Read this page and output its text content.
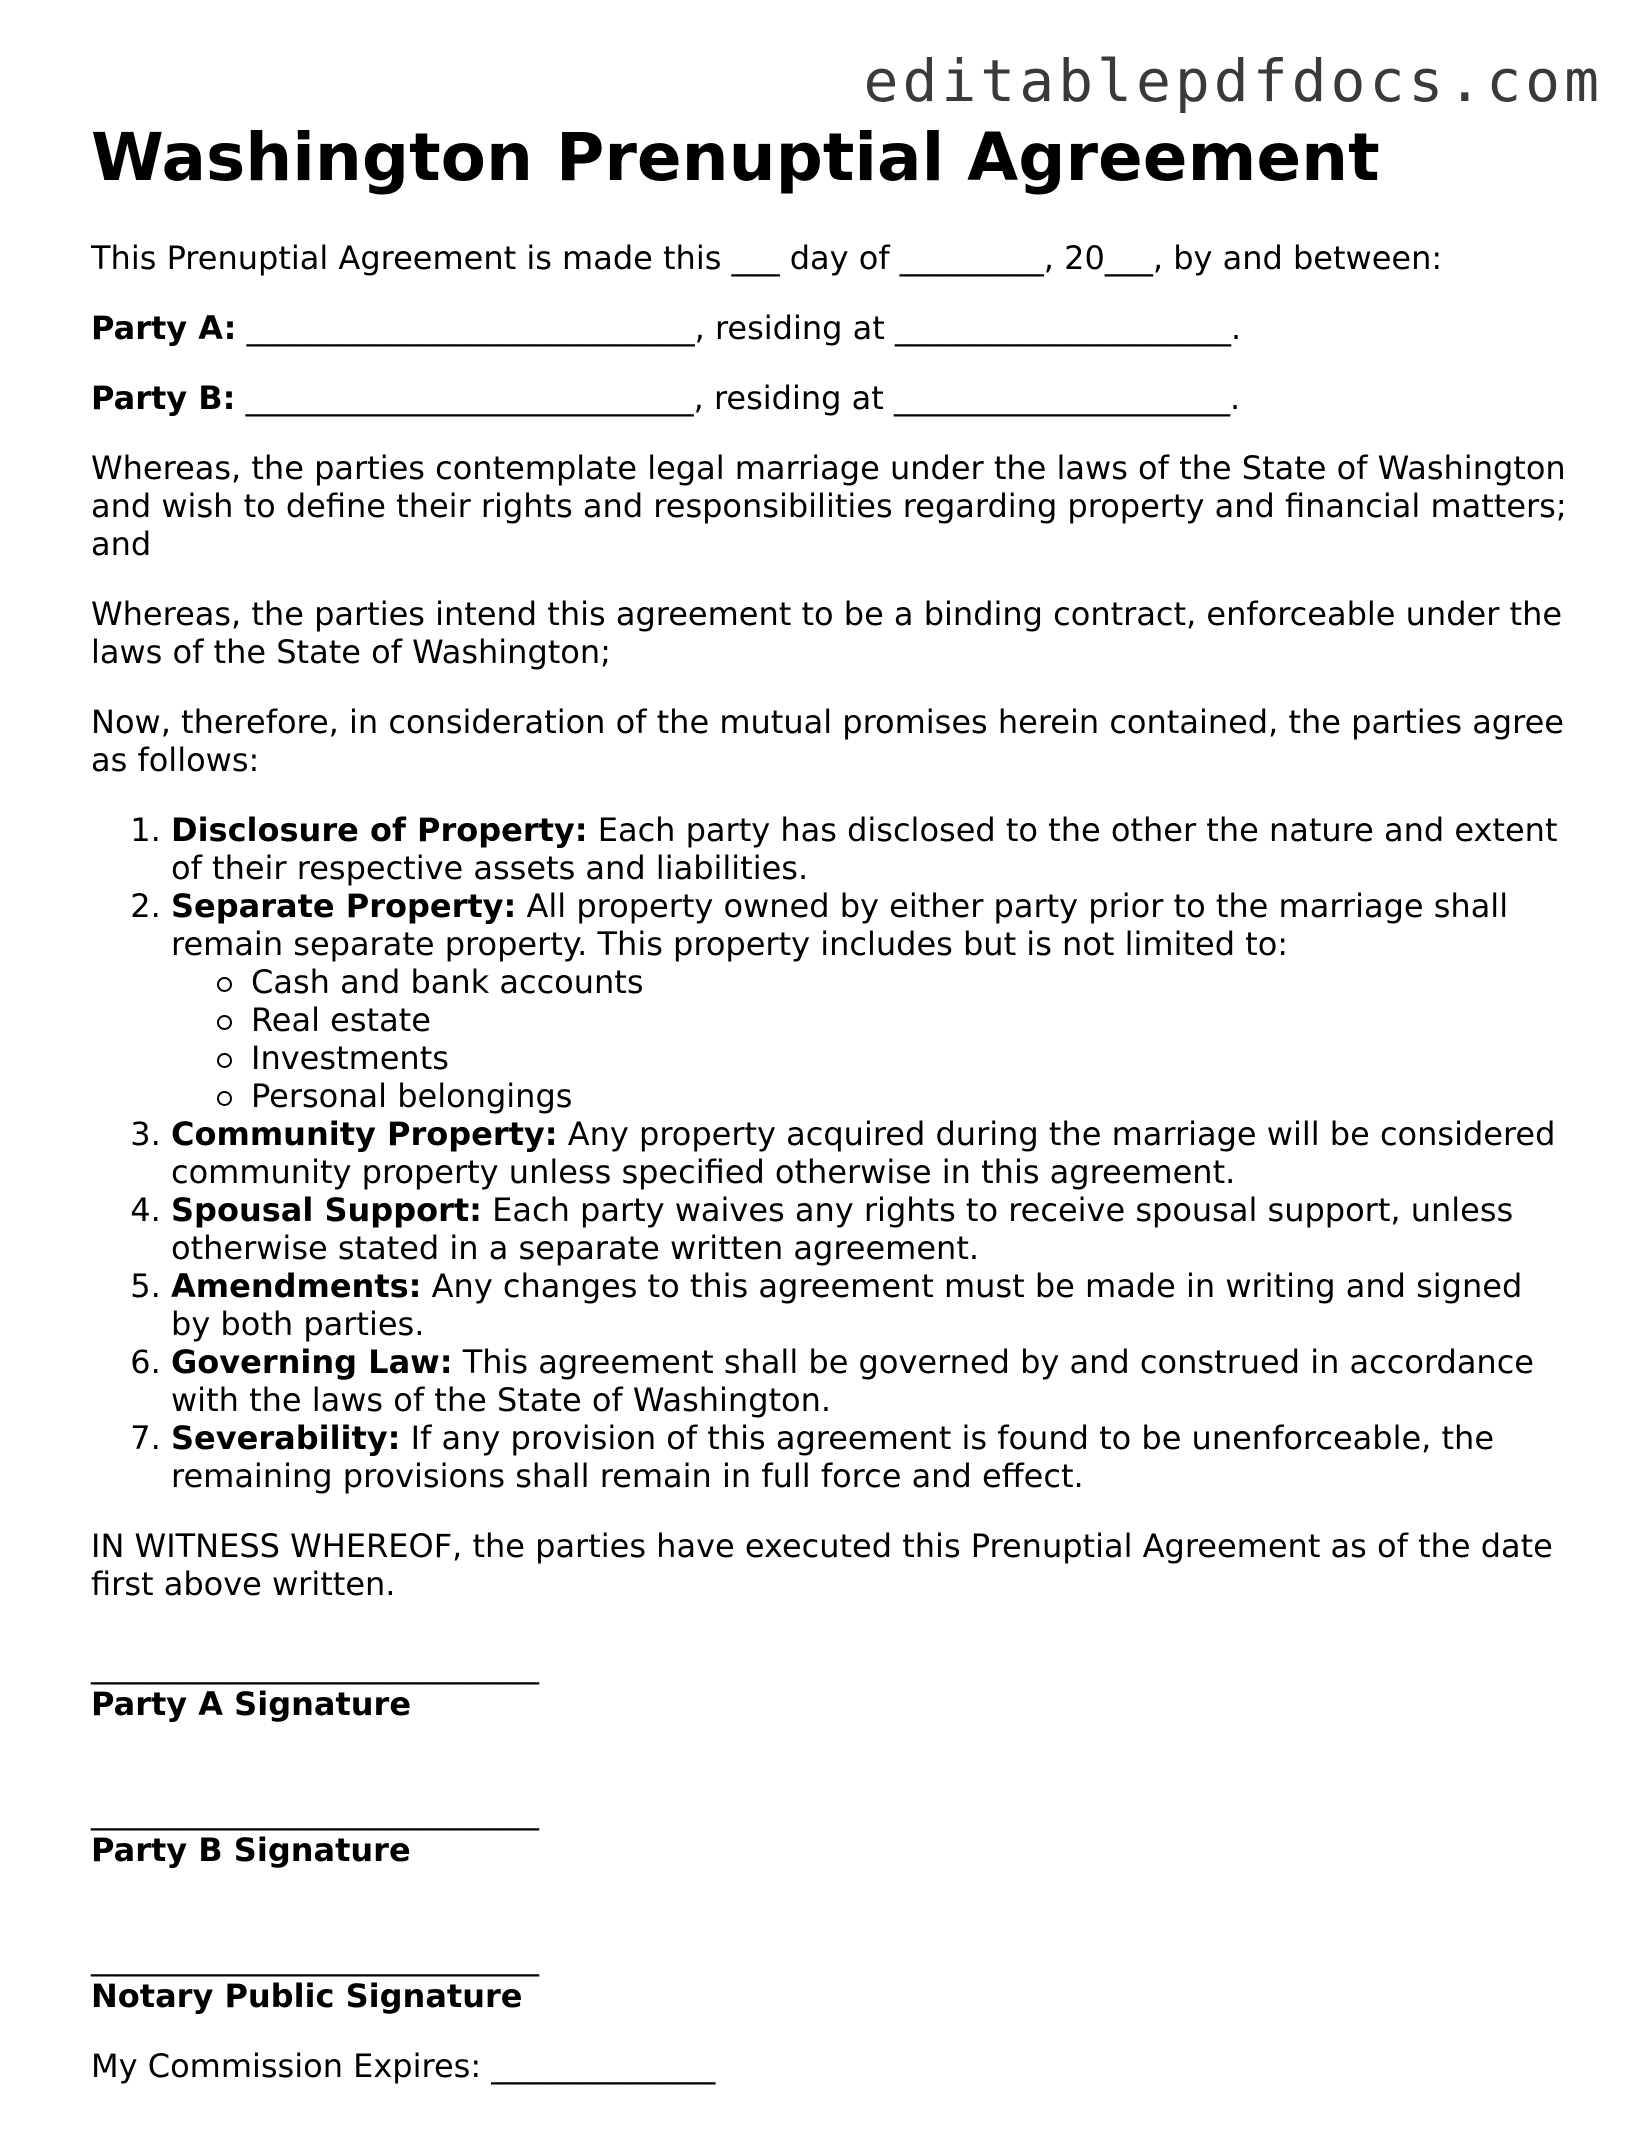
editablepdfdocs.com
Washington Prenuptial Agreement

This Prenuptial Agreement is made this ___ day of _________, 20___, by and between:

Party A: ____________________________, residing at _____________________.

Party B: ____________________________, residing at _____________________.

Whereas, the parties contemplate legal marriage under the laws of the State of Washington and wish to define their rights and responsibilities regarding property and financial matters; and

Whereas, the parties intend this agreement to be a binding contract, enforceable under the laws of the State of Washington;

Now, therefore, in consideration of the mutual promises herein contained, the parties agree as follows:

1. Disclosure of Property: Each party has disclosed to the other the nature and extent of their respective assets and liabilities.
2. Separate Property: All property owned by either party prior to the marriage shall remain separate property. This property includes but is not limited to:
Cash and bank accounts
Real estate
Investments
Personal belongings
3. Community Property: Any property acquired during the marriage will be considered community property unless specified otherwise in this agreement.
4. Spousal Support: Each party waives any rights to receive spousal support, unless otherwise stated in a separate written agreement.
5. Amendments: Any changes to this agreement must be made in writing and signed by both parties.
6. Governing Law: This agreement shall be governed by and construed in accordance with the laws of the State of Washington.
7. Severability: If any provision of this agreement is found to be unenforceable, the remaining provisions shall remain in full force and effect.

IN WITNESS WHEREOF, the parties have executed this Prenuptial Agreement as of the date first above written.

____________________________
Party A Signature
____________________________
Party B Signature
____________________________
Notary Public Signature
My Commission Expires: ______________
